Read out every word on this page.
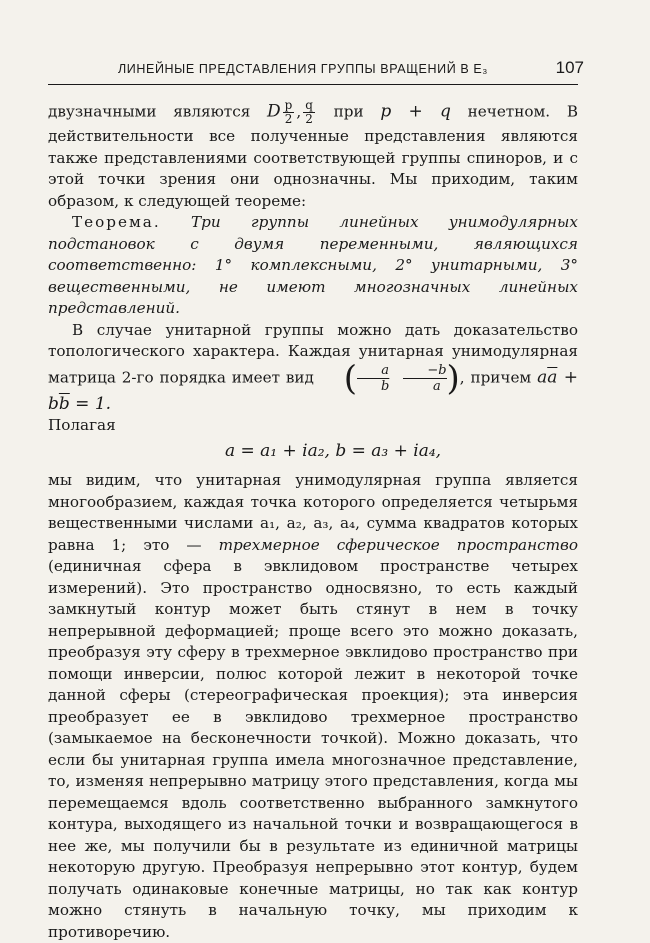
ЛИНЕЙНЫЕ ПРЕДСТАВЛЕНИЯ ГРУППЫ ВРАЩЕНИЙ В E₃	107

двузначными являются D $\frac{p}{2}$ , $\frac{q}{2}$ при p + q нечетном. В действительности все полученные представления являются также представлениями соответствующей группы спиноров, и с этой точки зрения они однозначны. Мы приходим, таким образом, к следующей теореме:

Теорема. Три группы линейных унимодулярных подстановок с двумя переменными, являющихся соответственно: 1° комплексными, 2° унитарными, 3° вещественными, не имеют многозначных линейных представлений.

В случае унитарной группы можно дать доказательство топологического характера. Каждая унитарная унимодулярная матрица 2-го порядка имеет вид ( $\frac{a}{b} \frac{-b}{a}$ ), причем $a\overline{a} + b\overline{b} = 1$.

Полагая

a = a₁ + ia₂, b = a₃ + ia₄,

мы видим, что унитарная унимодулярная группа является многообразием, каждая точка которого определяется четырьмя вещественными числами a₁, a₂, a₃, a₄, сумма квадратов которых равна 1; это — трехмерное сферическое пространство (единичная сфера в эвклидовом пространстве четырех измерений). Это пространство односвязно, то есть каждый замкнутый контур может быть стянут в нем в точку непрерывной деформацией; проще всего это можно доказать, преобразуя эту сферу в трехмерное эвклидово пространство при помощи инверсии, полюс которой лежит в некоторой точке данной сферы (стереографическая проекция); эта инверсия преобразует ее в эвклидово трехмерное пространство (замыкаемое на бесконечности точкой). Можно доказать, что если бы унитарная группа имела многозначное представление, то, изменяя непрерывно матрицу этого представления, когда мы перемещаемся вдоль соответственно выбранного замкнутого контура, выходящего из начальной точки и возвращающегося в нее же, мы получили бы в результате из единичной матрицы некоторую другую. Преобразуя непрерывно этот контур, будем получать одинаковые конечные матрицы, но так как контур можно стянуть в начальную точку, мы приходим к противоречию.
